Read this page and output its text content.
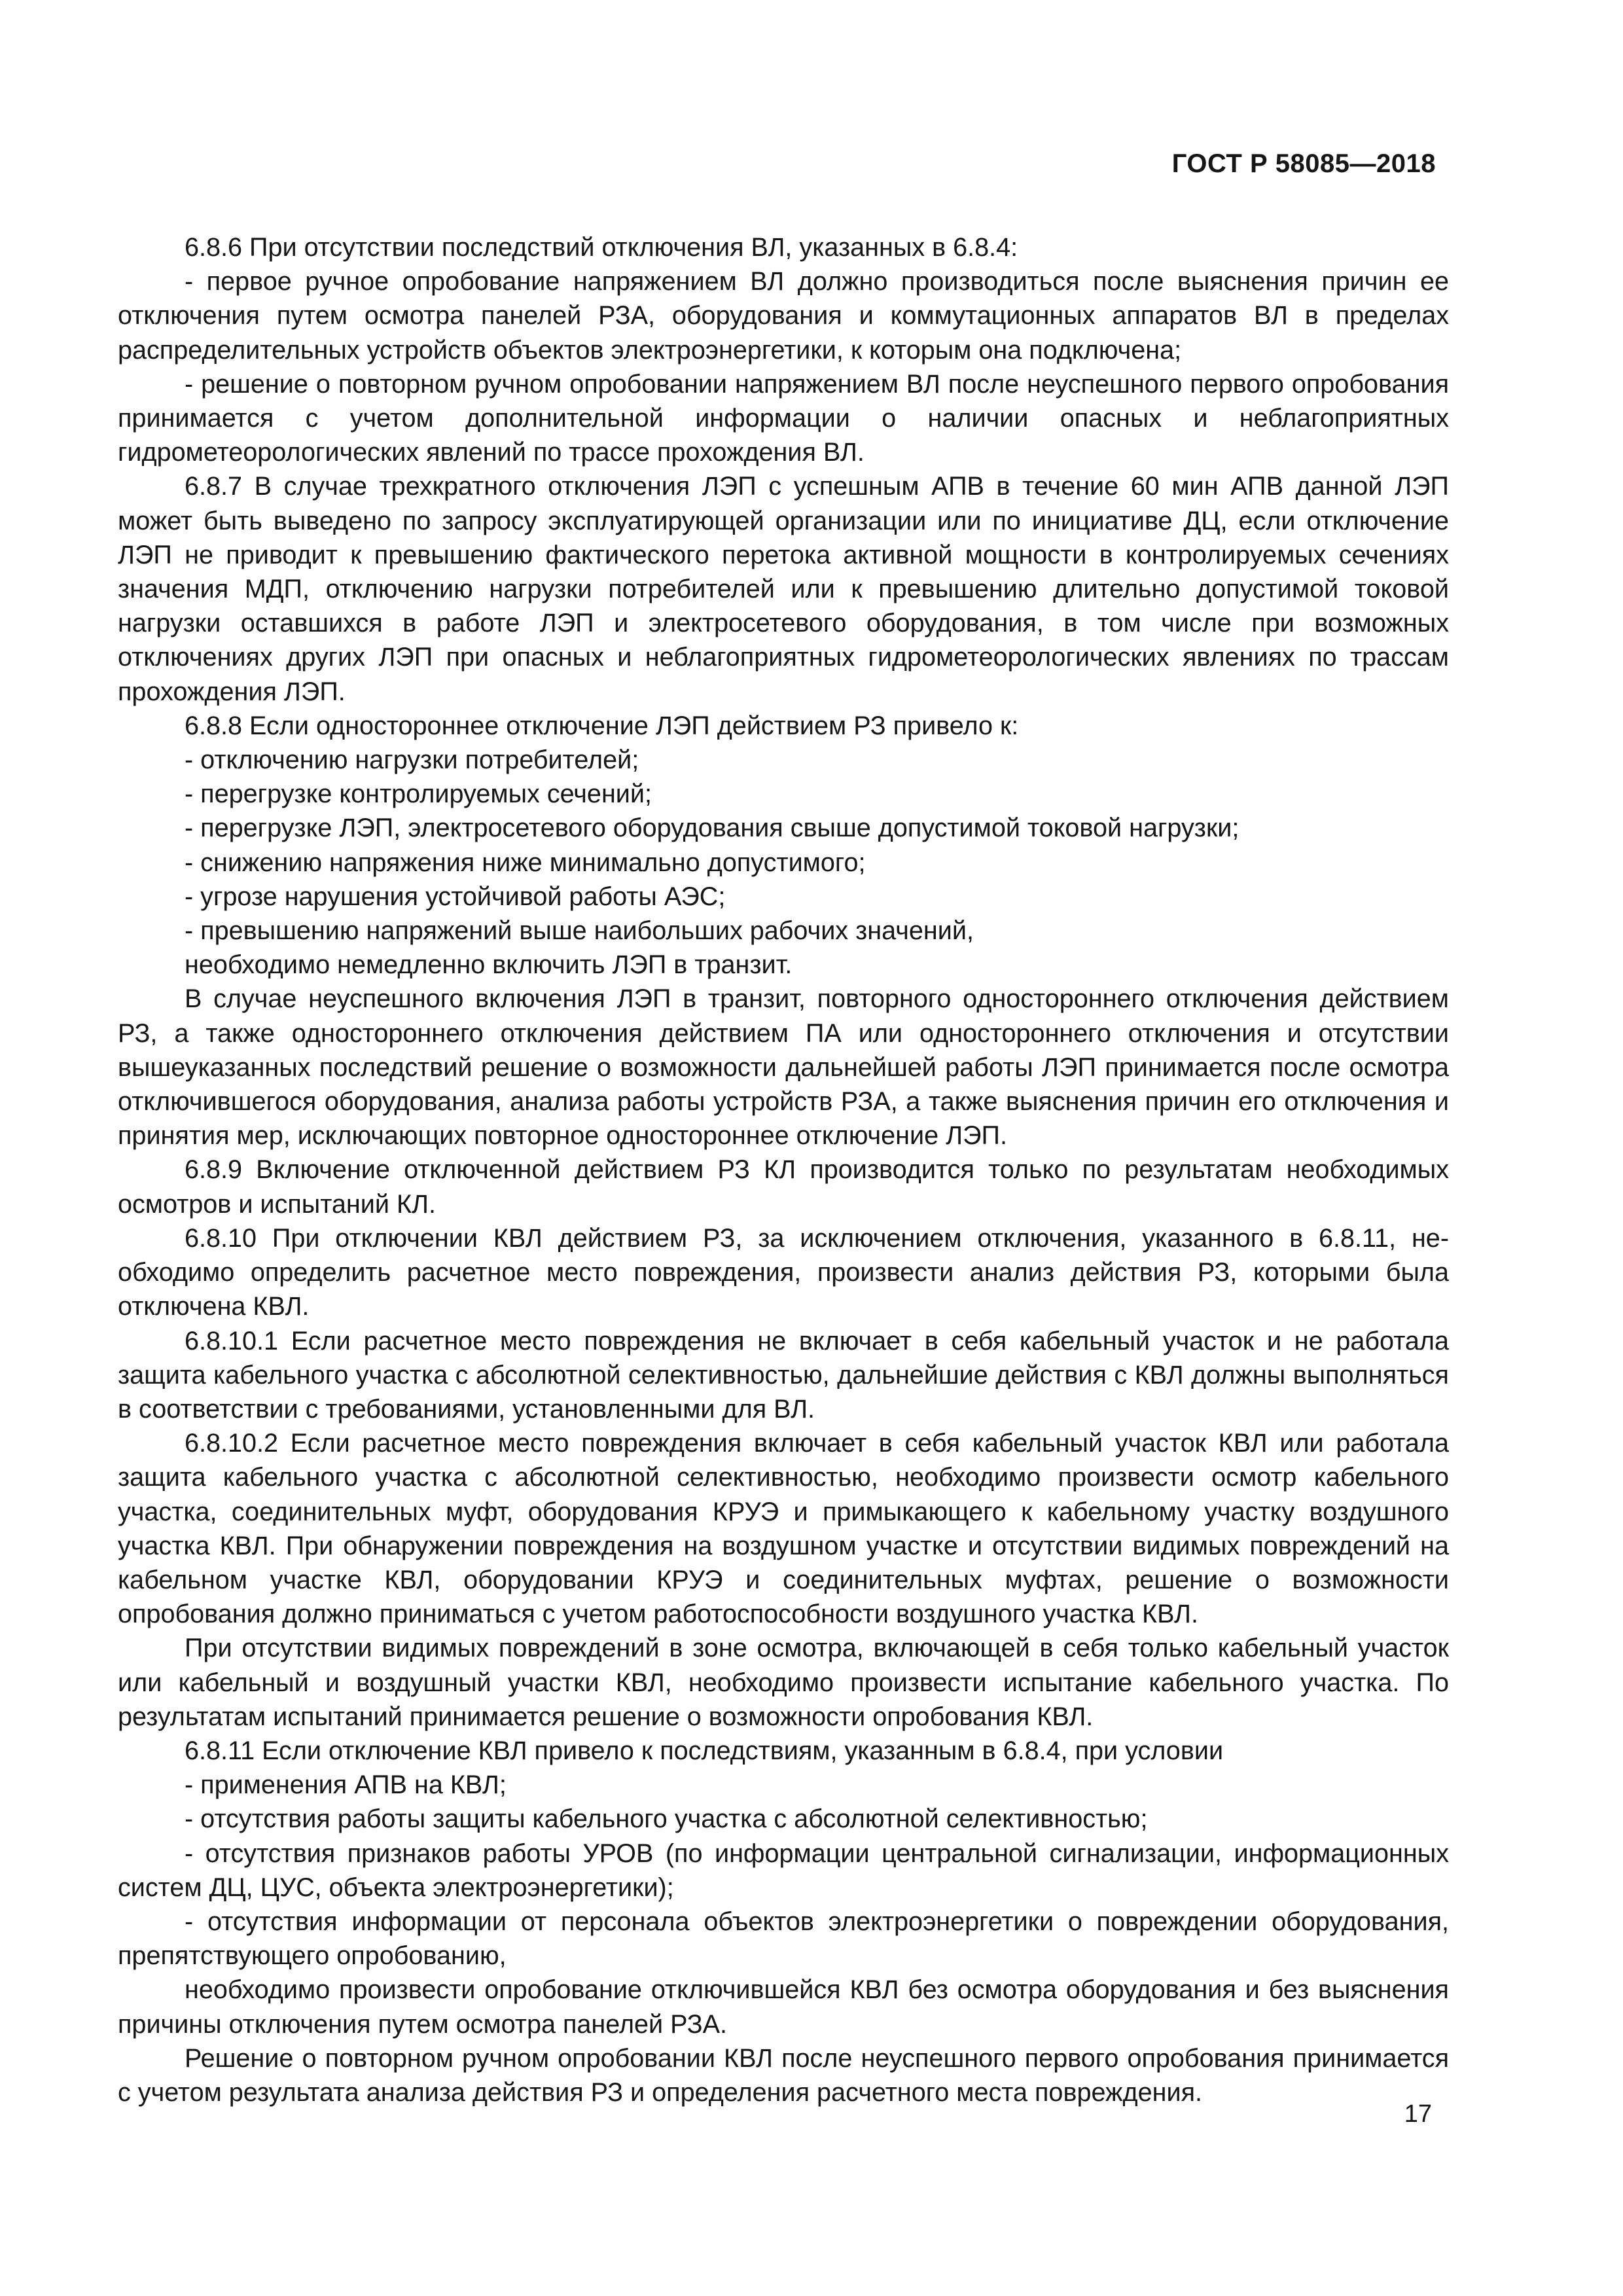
ГОСТ Р 58085—2018

6.8.6 При отсутствии последствий отключения ВЛ, указанных в 6.8.4:

- первое ручное опробование напряжением ВЛ должно производиться после выяснения причин ее отключения путем осмотра панелей РЗА, оборудования и коммутационных аппаратов ВЛ в пределах распределительных устройств объектов электроэнергетики, к которым она подключена;

- решение о повторном ручном опробовании напряжением ВЛ после неуспешного первого опробования принимается с учетом дополнительной информации о наличии опасных и неблагоприятных гидрометеорологических явлений по трассе прохождения ВЛ.

6.8.7 В случае трехкратного отключения ЛЭП с успешным АПВ в течение 60 мин АПВ данной ЛЭП может быть выведено по запросу эксплуатирующей организации или по инициативе ДЦ, если отключение ЛЭП не приводит к превышению фактического перетока активной мощности в контролируемых сечениях значения МДП, отключению нагрузки потребителей или к превышению длительно допустимой токовой нагрузки оставшихся в работе ЛЭП и электросетевого оборудования, в том числе при возможных отключениях других ЛЭП при опасных и неблагоприятных гидрометеорологических явлениях по трассам прохождения ЛЭП.

6.8.8 Если одностороннее отключение ЛЭП действием РЗ привело к:

- отключению нагрузки потребителей;

- перегрузке контролируемых сечений;

- перегрузке ЛЭП, электросетевого оборудования свыше допустимой токовой нагрузки;

- снижению напряжения ниже минимально допустимого;

- угрозе нарушения устойчивой работы АЭС;

- превышению напряжений выше наибольших рабочих значений,

необходимо немедленно включить ЛЭП в транзит.

В случае неуспешного включения ЛЭП в транзит, повторного одностороннего отключения действием РЗ, а также одностороннего отключения действием ПА или одностороннего отключения и отсутствии вышеуказанных последствий решение о возможности дальнейшей работы ЛЭП принимается после осмотра отключившегося оборудования, анализа работы устройств РЗА, а также выяснения причин его отключения и принятия мер, исключающих повторное одностороннее отключение ЛЭП.

6.8.9 Включение отключенной действием РЗ КЛ производится только по результатам необходимых осмотров и испытаний КЛ.

6.8.10 При отключении КВЛ действием РЗ, за исключением отключения, указанного в 6.8.11, необходимо определить расчетное место повреждения, произвести анализ действия РЗ, которыми была отключена КВЛ.

6.8.10.1 Если расчетное место повреждения не включает в себя кабельный участок и не работала защита кабельного участка с абсолютной селективностью, дальнейшие действия с КВЛ должны выполняться в соответствии с требованиями, установленными для ВЛ.

6.8.10.2 Если расчетное место повреждения включает в себя кабельный участок КВЛ или работала защита кабельного участка с абсолютной селективностью, необходимо произвести осмотр кабельного участка, соединительных муфт, оборудования КРУЭ и примыкающего к кабельному участку воздушного участка КВЛ. При обнаружении повреждения на воздушном участке и отсутствии видимых повреждений на кабельном участке КВЛ, оборудовании КРУЭ и соединительных муфтах, решение о возможности опробования должно приниматься с учетом работоспособности воздушного участка КВЛ.

При отсутствии видимых повреждений в зоне осмотра, включающей в себя только кабельный участок или кабельный и воздушный участки КВЛ, необходимо произвести испытание кабельного участка. По результатам испытаний принимается решение о возможности опробования КВЛ.

6.8.11 Если отключение КВЛ привело к последствиям, указанным в 6.8.4, при условии

- применения АПВ на КВЛ;

- отсутствия работы защиты кабельного участка с абсолютной селективностью;

- отсутствия признаков работы УРОВ (по информации центральной сигнализации, информационных систем ДЦ, ЦУС, объекта электроэнергетики);

- отсутствия информации от персонала объектов электроэнергетики о повреждении оборудования, препятствующего опробованию,

необходимо произвести опробование отключившейся КВЛ без осмотра оборудования и без выяснения причины отключения путем осмотра панелей РЗА.

Решение о повторном ручном опробовании КВЛ после неуспешного первого опробования принимается с учетом результата анализа действия РЗ и определения расчетного места повреждения.

17
